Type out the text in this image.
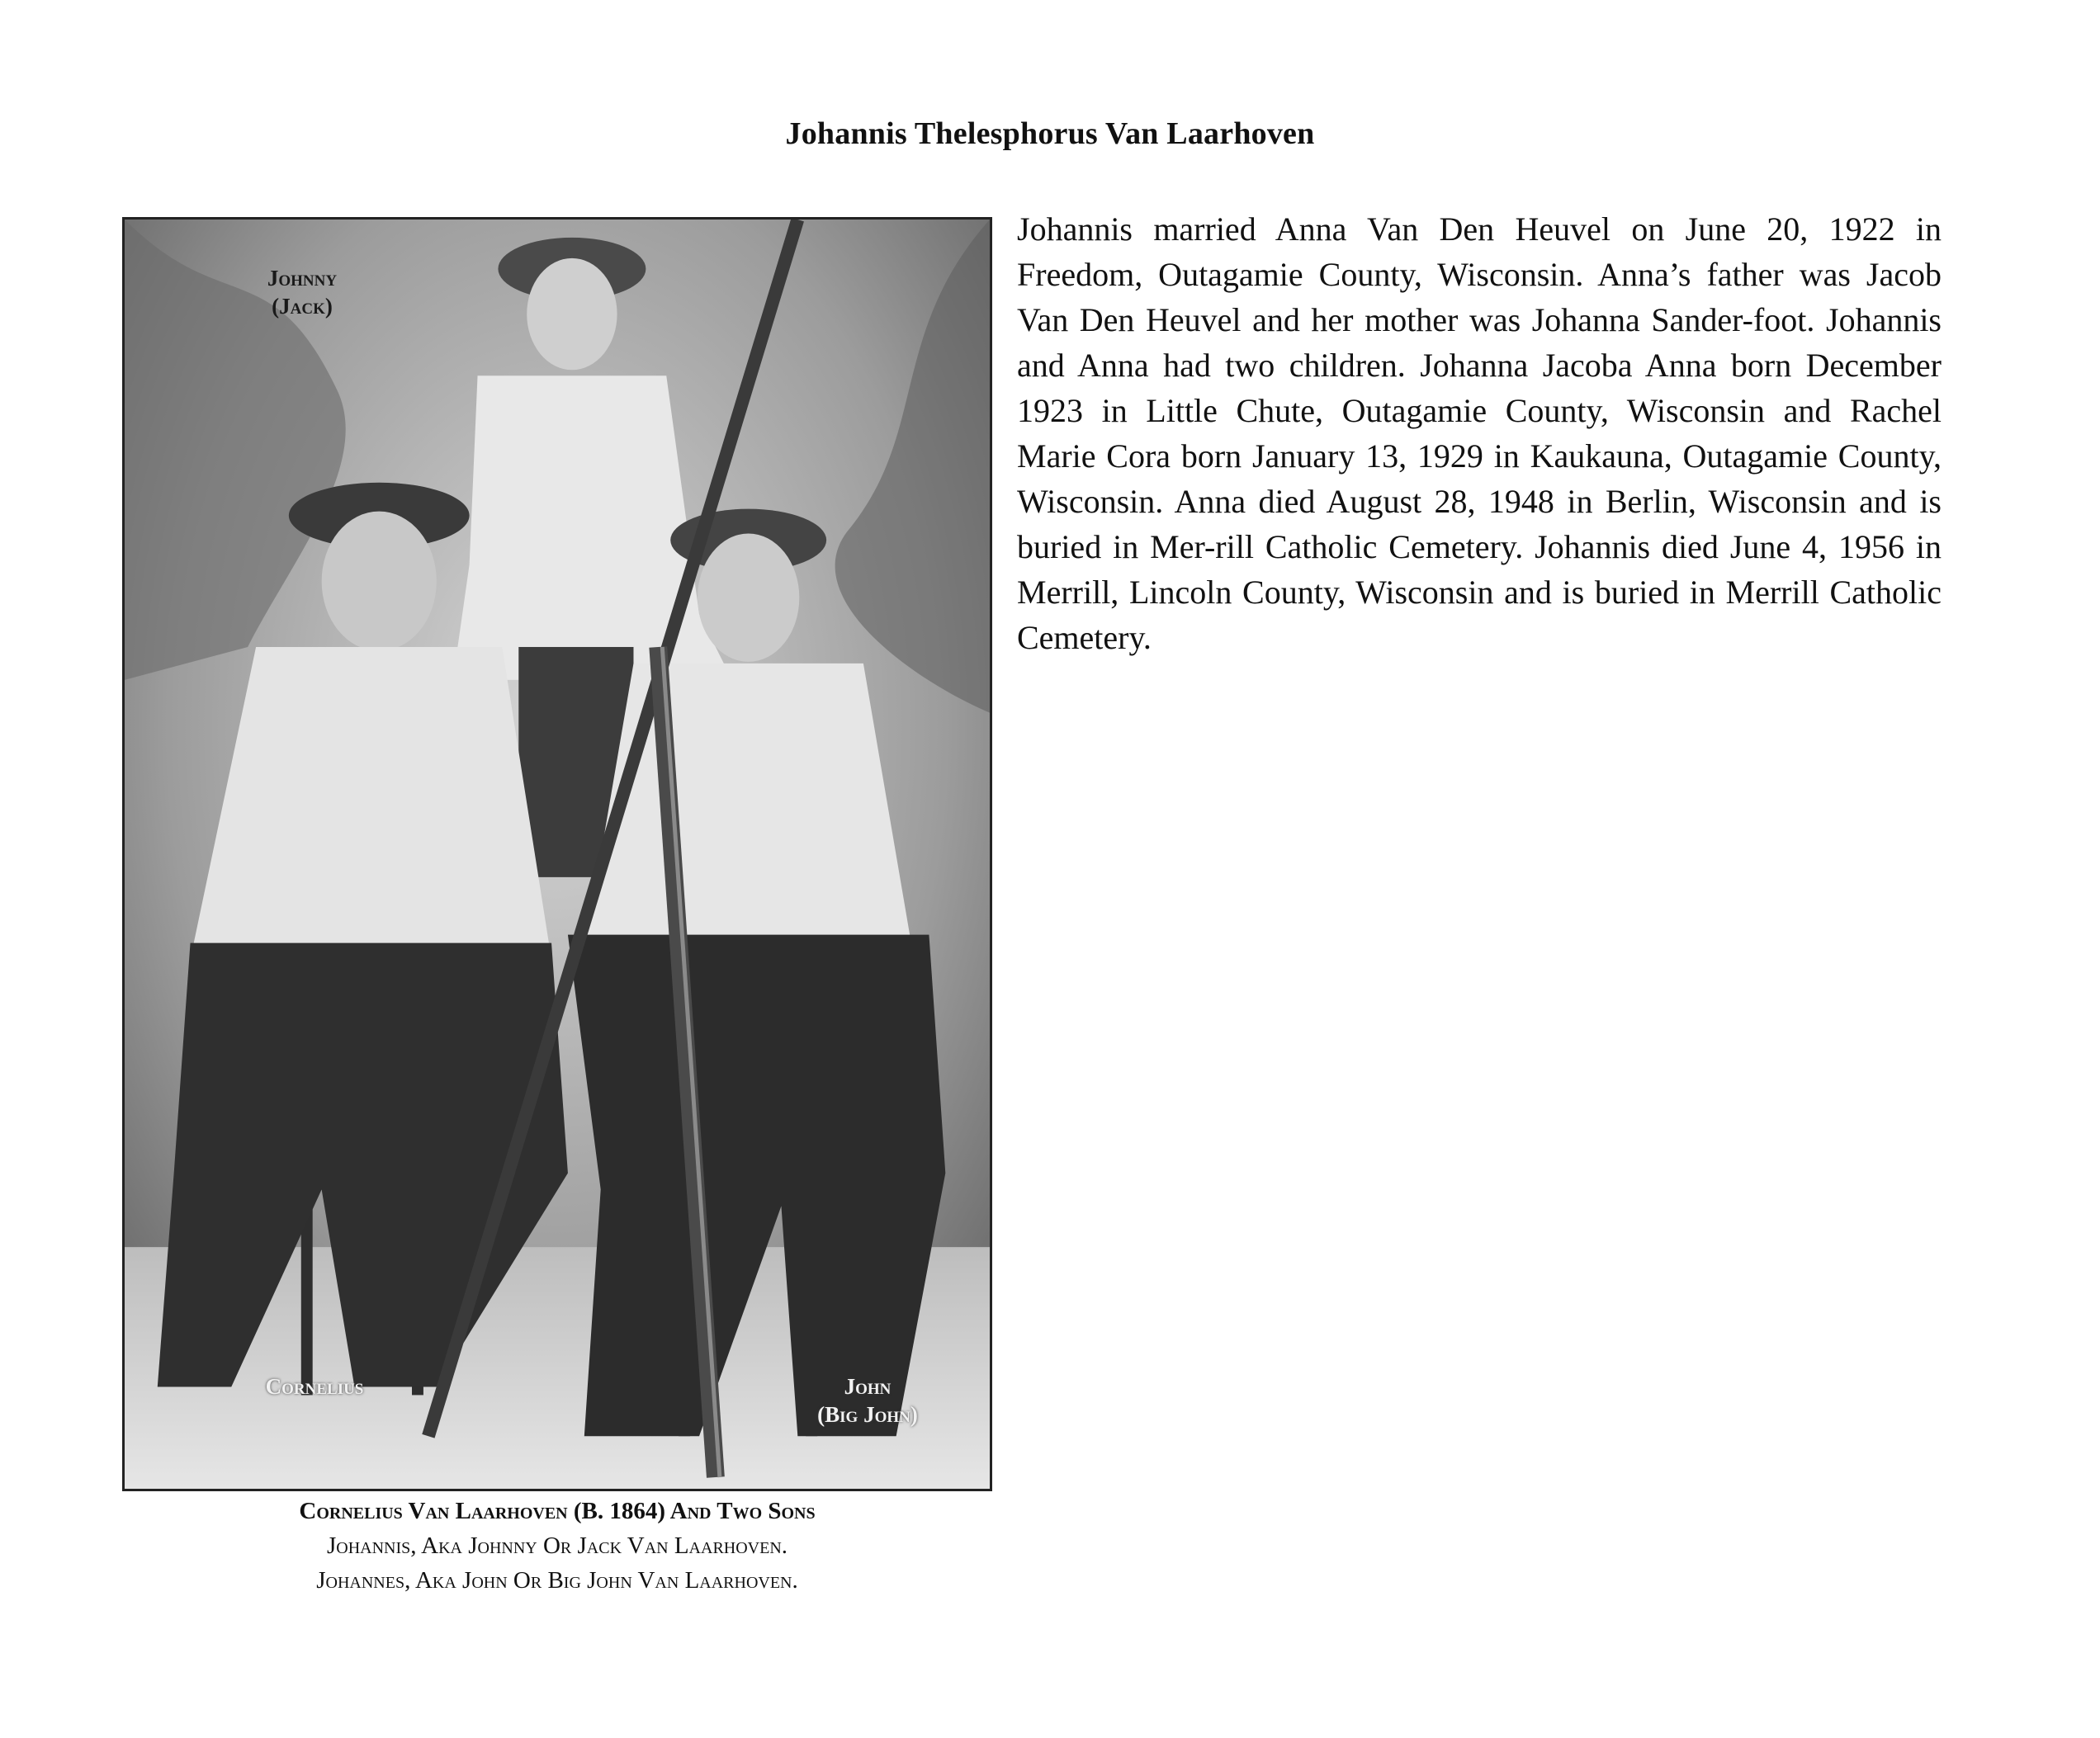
Johannis Thelesphorus Van Laarhoven
Johnny
(Jack)
Cornelius	John
(Big John)
Cornelius Van Laarhoven (B. 1864) And Two Sons
Johannis, Aka Johnny Or Jack Van Laarhoven.
Johannes, Aka John Or Big John Van Laarhoven.
Johannis married Anna Van Den Heuvel on June 20, 1922 in Freedom, Outagamie County, Wisconsin. Anna’s father was Jacob Van Den Heuvel and her mother was Johanna Sander-foot. Johannis and Anna had two children. Johanna Jacoba Anna born December 1923 in Little Chute, Outagamie County, Wisconsin and Rachel Marie Cora born January 13, 1929 in Kaukauna, Outagamie County, Wisconsin. Anna died August 28, 1948 in Berlin, Wisconsin and is buried in Mer-rill Catholic Cemetery. Johannis died June 4, 1956 in Merrill, Lincoln County, Wisconsin and is buried in Merrill Catholic Cemetery.
